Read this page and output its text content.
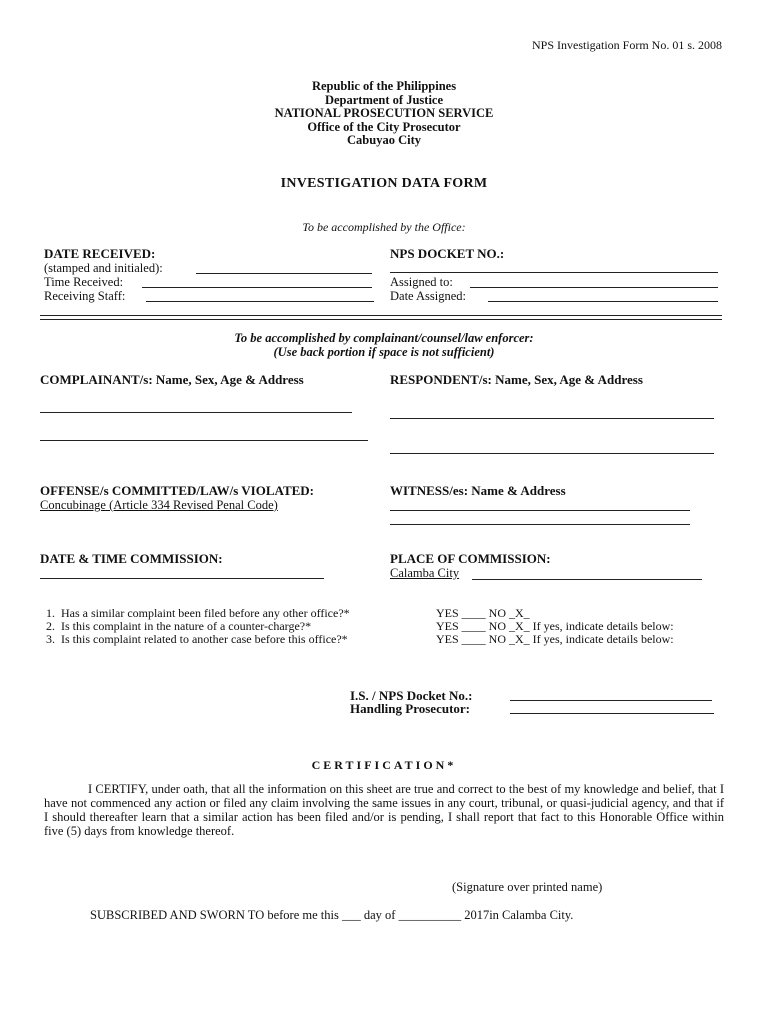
NPS Investigation Form No. 01 s. 2008
Republic of the Philippines
Department of Justice
NATIONAL PROSECUTION SERVICE
Office of the City Prosecutor
Cabuyao City
INVESTIGATION DATA FORM
To be accomplished by the Office:
DATE RECEIVED:
(stamped and initialed):
Time Received:
Receiving Staff:
NPS DOCKET NO.:
Assigned to:
Date Assigned:
To be accomplished by complainant/counsel/law enforcer:
(Use back portion if space is not sufficient)
COMPLAINANT/s: Name, Sex, Age & Address	RESPONDENT/s: Name, Sex, Age & Address
OFFENSE/s COMMITTED/LAW/s VIOLATED:
Concubinage (Article 334 Revised Penal Code)
WITNESS/es: Name & Address
DATE & TIME COMMISSION:	PLACE OF COMMISSION:
Calamba City
1. Has a similar complaint been filed before any other office?*	YES ____ NO _X_
2. Is this complaint in the nature of a counter-charge?*	YES ____ NO _X_ If yes, indicate details below:
3. Is this complaint related to another case before this office?*	YES ____ NO _X_ If yes, indicate details below:
I.S. / NPS Docket No.:
Handling Prosecutor:
CERTIFICATION*
I CERTIFY, under oath, that all the information on this sheet are true and correct to the best of my knowledge and belief, that I have not commenced any action or filed any claim involving the same issues in any court, tribunal, or quasi-judicial agency, and that if I should thereafter learn that a similar action has been filed and/or is pending, I shall report that fact to this Honorable Office within five (5) days from knowledge thereof.
(Signature over printed name)
SUBSCRIBED AND SWORN TO before me this ___ day of __________ 2017in Calamba City.
